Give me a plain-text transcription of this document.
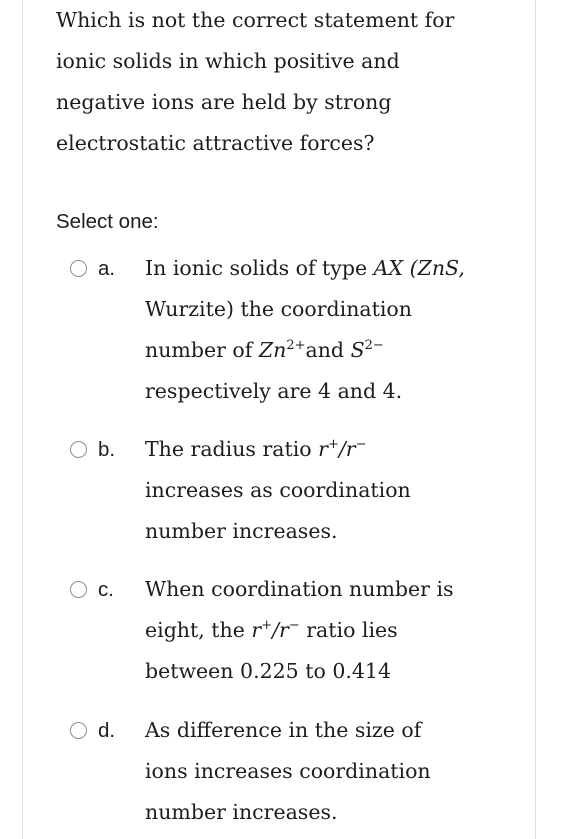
Which is not the correct statement for
ionic solids in which positive and
negative ions are held by strong
electrostatic attractive forces?
Select one:
a. In ionic solids of type AX (ZnS,
Wurzite) the coordination
number of $Zn^{2+}and$ $S^{2-}$
respectively are 4 and 4.
b. The radius ratio r+/r−
increases as coordination
number increases.
c. When coordination number is
eight, the r+/r− ratio lies
between 0.225 to 0.414
d. As difference in the size of
ions increases coordination
number increases.
